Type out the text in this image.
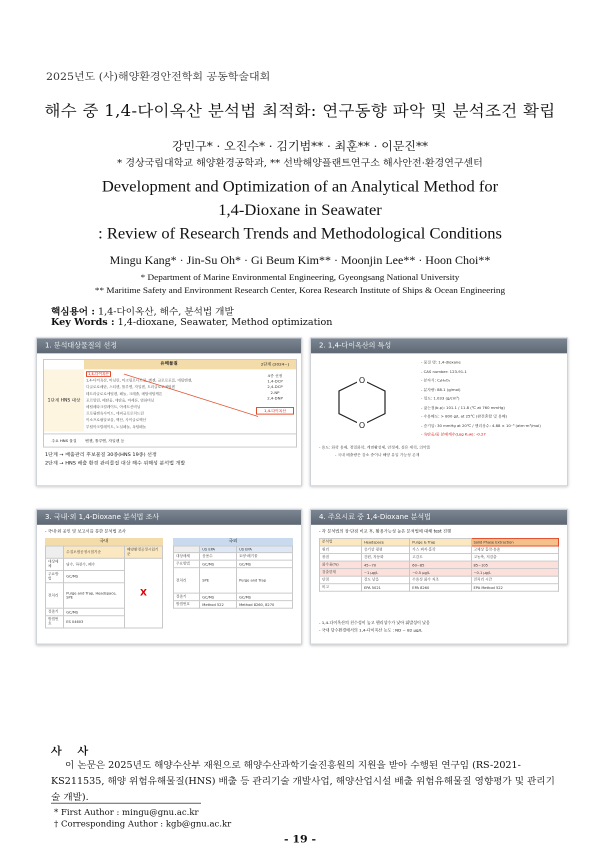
2025년도 (사)해양환경안전학회 공동학술대회
해수 중 1,4-다이옥산 분석법 최적화: 연구동향 파악 및 분석조건 확립
강민구* · 오진수* · 김기범** · 최훈** · 이문진**
* 경상국립대학교 해양환경공학과, ** 선박해양플랜트연구소 해사안전·환경연구센터
Development and Optimization of an Analytical Method for
1,4-Dioxane in Seawater
: Review of Research Trends and Methodological Conditions
Mingu Kang* · Jin-Su Oh* · Gi Beum Kim** · Moonjin Lee** · Hoon Choi**
* Department of Marine Environmental Engineering, Gyeongsang National University
** Maritime Safety and Environment Research Center, Korea Research Institute of Ships & Ocean Engineering
핵심용어 : 1,4-다이옥산, 해수, 분석법 개발
Key Words : 1,4-dioxane, Seawater, Method optimization
1. 분석대상물질의 선정
유해물질	2단계 (2024~)
1단계 HNS 대상
1,4-다이옥산
1,4-다이옥산, 아닐린, 아크릴로니트릴, 벤젠, 클로로포름, 에틸벤젠,
디클로로메탄, 스티렌, 톨루엔, 자일렌, 트리클로로에틸렌
테트라클로로에틸렌, 페놀, 크레졸, 메틸에틸케톤
포르말린, 메탄올, 에탄올, 아세톤, 염화비닐
메틸메타크릴레이트, 아세트산비닐
프로필렌옥사이드, 에피클로로히드린
이소프로필알코올, 헥산, 사이클로헥산
부틸아크릴레이트, 노닐페놀, 옥틸페놀
4종 선정
1,4-DCP
2,4-DCP
2-NP
2,4-DNP
1,4-다이옥산
주요 HNS 물질 벤젠, 톨루엔, 자일렌 등
1단계 → 배출관리 후보물질 30종(HNS 19종) 선정
2단계 → HNS 배출 환경 관리물질 대상 해수 위해성 분석법 개발
2. 1,4-다이옥산의 특성
O
O
- 물질 명: 1,4-dioxane
- CAS number: 123-91-1
- 분자식: C₄H₈O₂
- 분자량: 88.1 (g/mol)
- 밀도: 1.033 (g/cm³)
- 끓는점(b.p): 101.1 / 11.8 (℃ at 760 mmHg)
- 수용해도: > 800 g/L at 25℃ (완전혼합 및 용해)
- 증기압: 30 mmHg at 20℃ / 헨리상수: 4.88 × 10⁻⁶ (atm·m³/mol)
- 옥탄올/물 분배계수(Log Kₒw): -0.27
- 용도: 화학 용매, 정밀화학, 계면활성제, 안정제, 섬유 세척, 의약품
- 국내 배출량은 감소 중이나 해양 유입 가능성 존재
3. 국내·외 1,4-Dioxane 분석법 조사
- 국내·외 공인 및 보고서를 통한 분석법 조사
국내
	수질오염공정시험기준	해양환경공정시험기준
대상매체	담수, 하천수, 폐수	X
주요방법	GC/MS	
전처리	Purge and Trap, Headspace, SPE	
검출기	GC/MS	
방법번호	ES 04603	
국외
	US EPA	US EPA
대상매체	음용수	토양·폐기물
주요방법	GC/MS	GC/MS
전처리	SPE	Purge and Trap
검출기	GC/MS	GC/MS
방법번호	Method 522	Method 8260, 8270
4. 주요시료 중 1,4-Dioxane 분석법
- 각 분석법의 장·단점 비교 후, 활용가능성 높은 분석법에 대해 test 진행
분석법	Headspace	Purge & Trap	Solid Phase Extraction
원리	증기상 평형	가스 퍼지·흡착	고체상 흡착·용출
장점	간편, 자동화	고감도	고농축, 저검출
회수율(%)	45~70	60~85	85~105
검출한계	~1 μg/L	~0.5 μg/L	~0.1 μg/L
단점	감도 낮음	수용성 회수 저조	전처리 시간
비고	EPA 5021	EPA 8260	EPA Method 522
- 1,4-다이옥산의 친수성이 높고 헨리상수가 낮아 휘발성이 낮음
- 국내 담수환경에서의 1,4-다이옥산 농도 : ND ~ 82 μg/L
사 사
이 논문은 2025년도 해양수산부 재원으로 해양수산과학기술진흥원의 지원을 받아 수행된 연구임 (RS-2021-KS211535, 해양 위험유해물질(HNS) 배출 등 관리기술 개발사업, 해양산업시설 배출 위험유해물질 영향평가 및 관리기술 개발).
* First Author : mingu@gnu.ac.kr
† Corresponding Author : kgb@gnu.ac.kr
- 19 -
